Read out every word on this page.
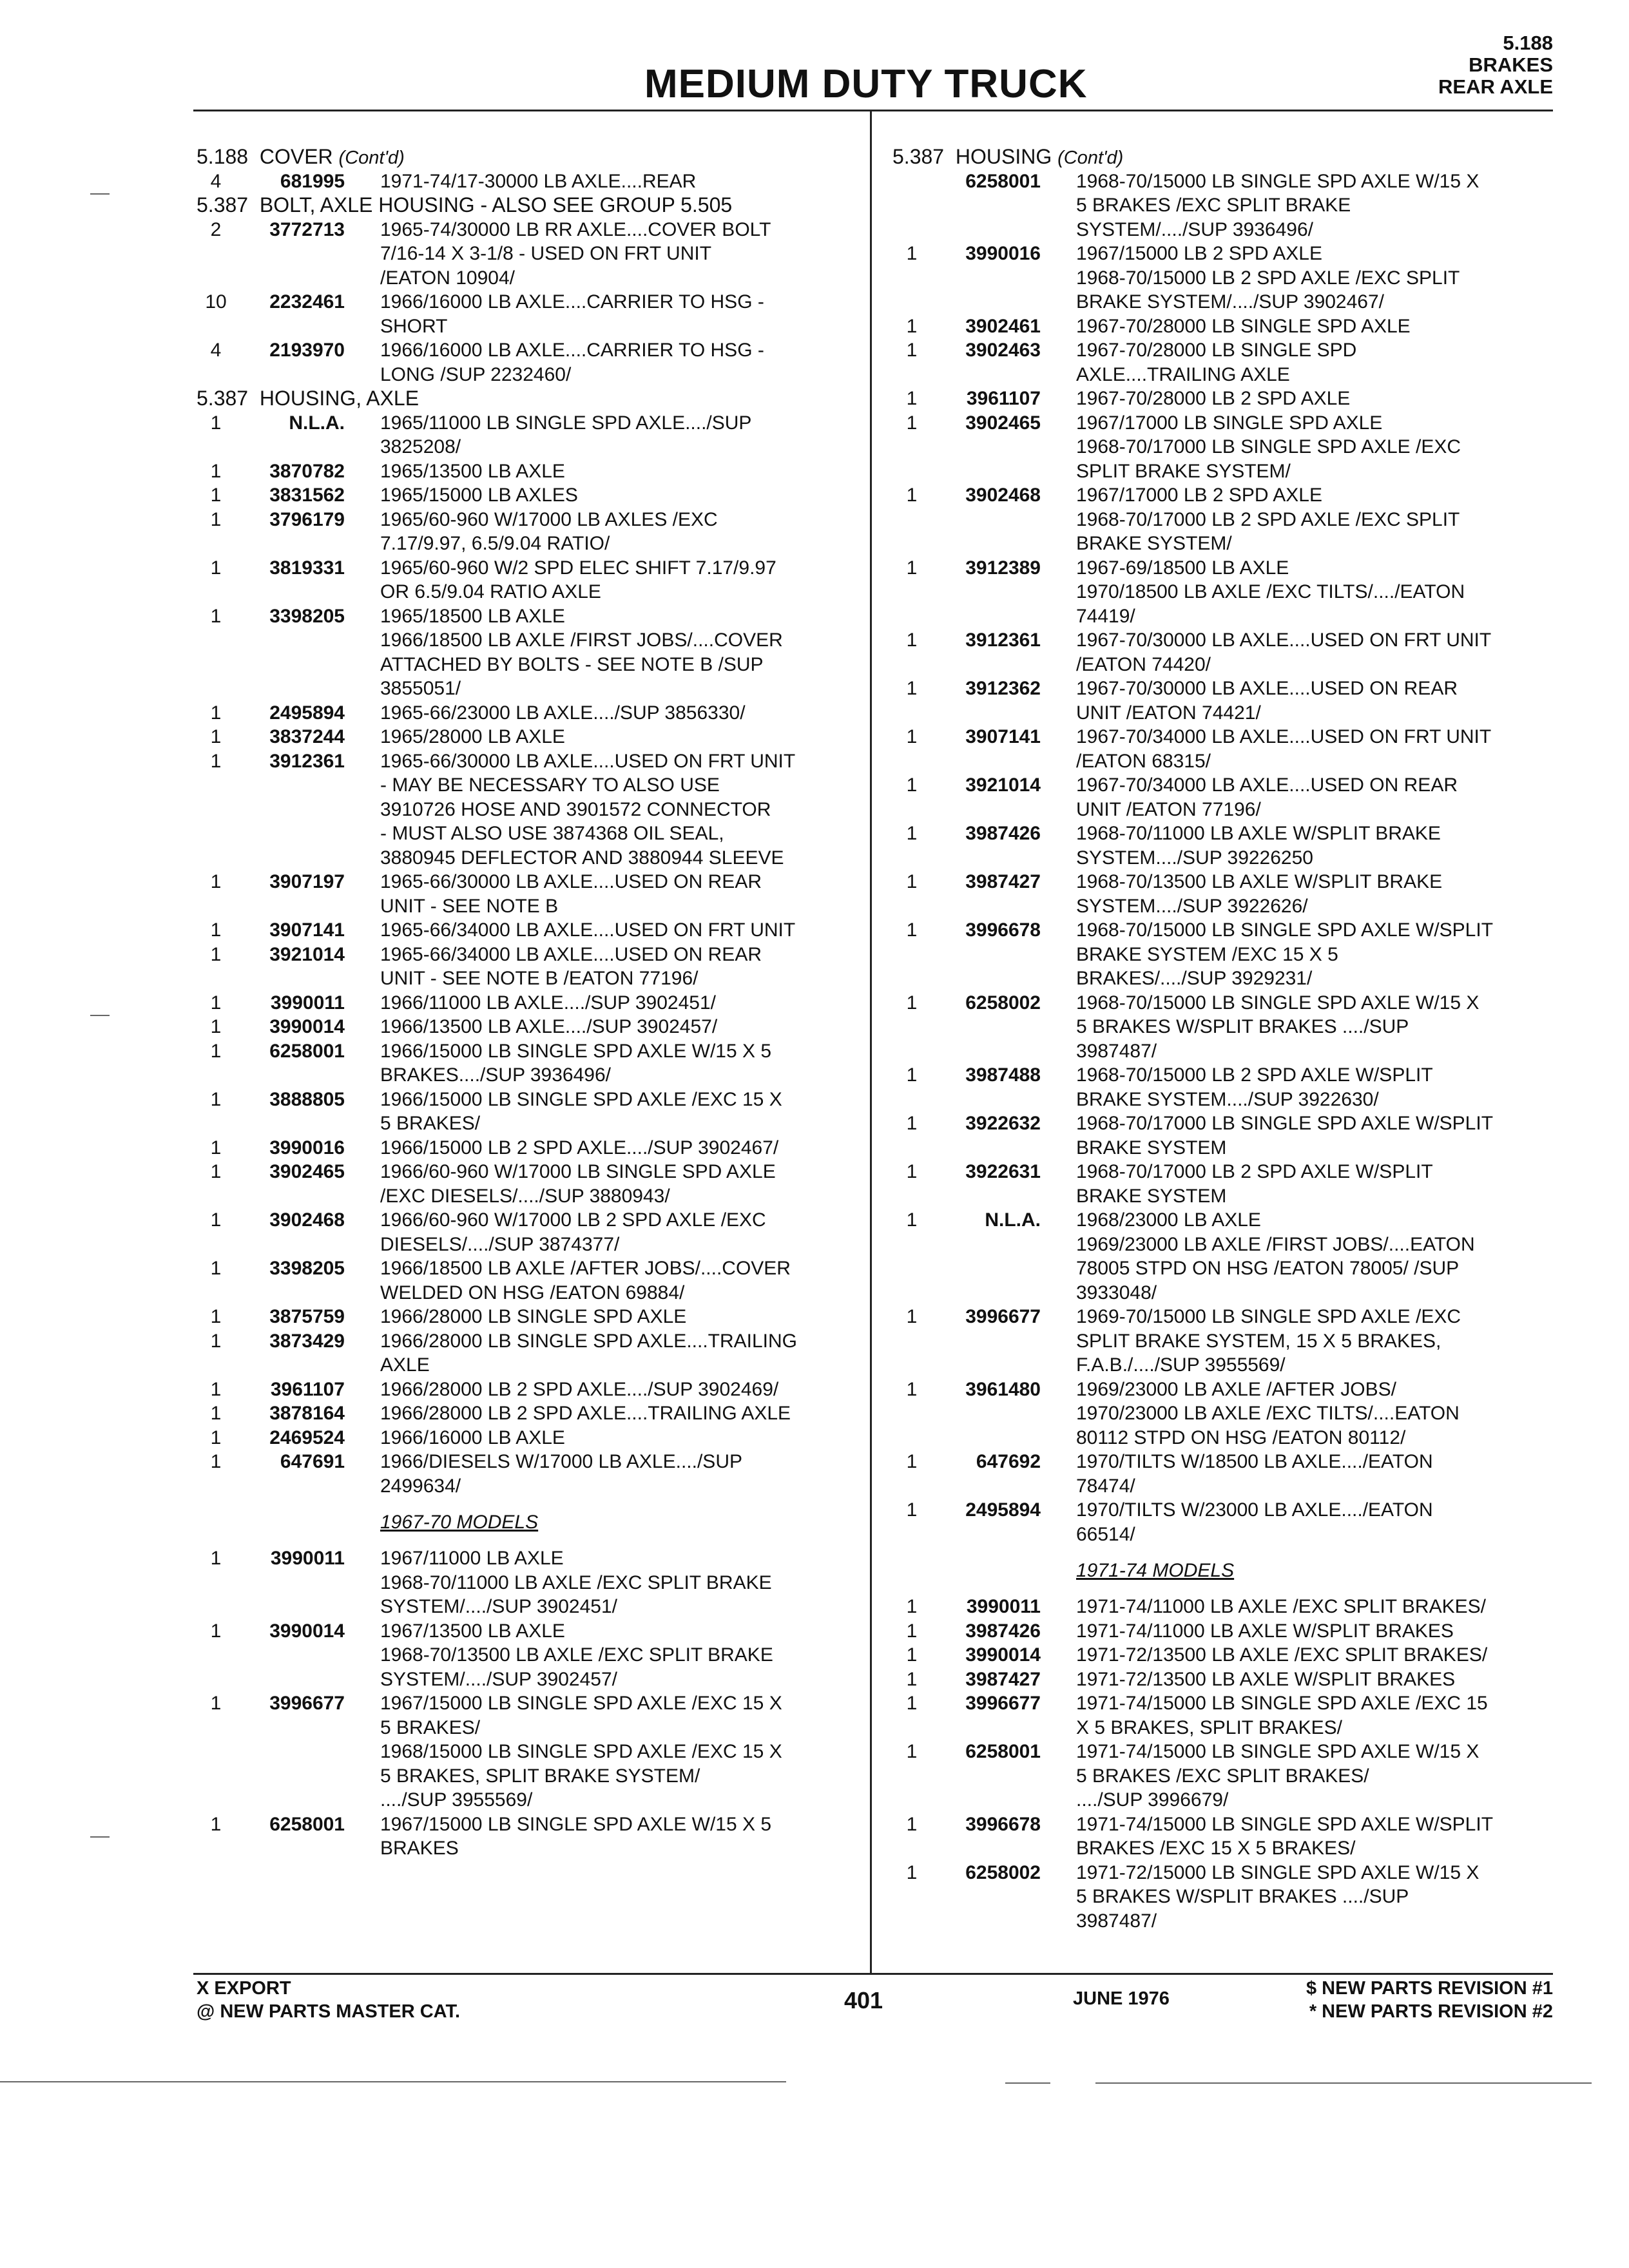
MEDIUM DUTY TRUCK
5.188
BRAKES
REAR AXLE
5.188  COVER (Cont'd)
4	681995 1971-74/17-30000 LB AXLE....REAR
5.387  BOLT, AXLE HOUSING - ALSO SEE GROUP 5.505
2 3772713 1965-74/30000 LB RR AXLE....COVER BOLT
7/16-14 X 3-1/8 - USED ON FRT UNIT
/EATON 10904/
10 2232461 1966/16000 LB AXLE....CARRIER TO HSG -
SHORT
4 2193970 1966/16000 LB AXLE....CARRIER TO HSG -
LONG /SUP 2232460/
5.387  HOUSING, AXLE
1	N.L.A. 1965/11000 LB SINGLE SPD AXLE..../SUP
3825208/
1 3870782 1965/13500 LB AXLE
1 3831562 1965/15000 LB AXLES
1 3796179 1965/60-960 W/17000 LB AXLES /EXC
7.17/9.97, 6.5/9.04 RATIO/
1 3819331 1965/60-960 W/2 SPD ELEC SHIFT 7.17/9.97
OR 6.5/9.04 RATIO AXLE
1 3398205 1965/18500 LB AXLE
1966/18500 LB AXLE /FIRST JOBS/....COVER
ATTACHED BY BOLTS - SEE NOTE B /SUP
3855051/
1 2495894 1965-66/23000 LB AXLE..../SUP 3856330/
1 3837244 1965/28000 LB AXLE
1 3912361 1965-66/30000 LB AXLE....USED ON FRT UNIT
- MAY BE NECESSARY TO ALSO USE
3910726 HOSE AND 3901572 CONNECTOR
- MUST ALSO USE 3874368 OIL SEAL,
3880945 DEFLECTOR AND 3880944 SLEEVE
1 3907197 1965-66/30000 LB AXLE....USED ON REAR
UNIT - SEE NOTE B
1 3907141 1965-66/34000 LB AXLE....USED ON FRT UNIT
1 3921014 1965-66/34000 LB AXLE....USED ON REAR
UNIT - SEE NOTE B /EATON 77196/
1	3990011 1966/11000 LB AXLE..../SUP 3902451/
1 3990014 1966/13500 LB AXLE..../SUP 3902457/
1 6258001 1966/15000 LB SINGLE SPD AXLE W/15 X 5
BRAKES..../SUP 3936496/
1 3888805 1966/15000 LB SINGLE SPD AXLE /EXC 15 X
5 BRAKES/
1 3990016 1966/15000 LB 2 SPD AXLE..../SUP 3902467/
1 3902465 1966/60-960 W/17000 LB SINGLE SPD AXLE
/EXC DIESELS/..../SUP 3880943/
1 3902468 1966/60-960 W/17000 LB 2 SPD AXLE /EXC
DIESELS/..../SUP 3874377/
1 3398205 1966/18500 LB AXLE /AFTER JOBS/....COVER
WELDED ON HSG /EATON 69884/
1 3875759 1966/28000 LB SINGLE SPD AXLE
1 3873429 1966/28000 LB SINGLE SPD AXLE....TRAILING
AXLE
1	3961107 1966/28000 LB 2 SPD AXLE..../SUP 3902469/
1 3878164 1966/28000 LB 2 SPD AXLE....TRAILING AXLE
1 2469524 1966/16000 LB AXLE
1	647691 1966/DIESELS W/17000 LB AXLE..../SUP
2499634/
1967-70 MODELS
1	3990011 1967/11000 LB AXLE
1968-70/11000 LB AXLE /EXC SPLIT BRAKE
SYSTEM/..../SUP 3902451/
1 3990014 1967/13500 LB AXLE
1968-70/13500 LB AXLE /EXC SPLIT BRAKE
SYSTEM/..../SUP 3902457/
1 3996677 1967/15000 LB SINGLE SPD AXLE /EXC 15 X
5 BRAKES/
1968/15000 LB SINGLE SPD AXLE /EXC 15 X
5 BRAKES, SPLIT BRAKE SYSTEM/
..../SUP 3955569/
1 6258001 1967/15000 LB SINGLE SPD AXLE W/15 X 5
BRAKES
5.387  HOUSING (Cont'd)
6258001 1968-70/15000 LB SINGLE SPD AXLE W/15 X
5 BRAKES /EXC SPLIT BRAKE
SYSTEM/..../SUP 3936496/
1 3990016 1967/15000 LB 2 SPD AXLE
1968-70/15000 LB 2 SPD AXLE /EXC SPLIT
BRAKE SYSTEM/..../SUP 3902467/
1 3902461 1967-70/28000 LB SINGLE SPD AXLE
1 3902463 1967-70/28000 LB SINGLE SPD
AXLE....TRAILING AXLE
1	3961107 1967-70/28000 LB 2 SPD AXLE
1 3902465 1967/17000 LB SINGLE SPD AXLE
1968-70/17000 LB SINGLE SPD AXLE /EXC
SPLIT BRAKE SYSTEM/
1 3902468 1967/17000 LB 2 SPD AXLE
1968-70/17000 LB 2 SPD AXLE /EXC SPLIT
BRAKE SYSTEM/
1 3912389 1967-69/18500 LB AXLE
1970/18500 LB AXLE /EXC TILTS/..../EATON
74419/
1 3912361 1967-70/30000 LB AXLE....USED ON FRT UNIT
/EATON 74420/
1 3912362 1967-70/30000 LB AXLE....USED ON REAR
UNIT /EATON 74421/
1 3907141 1967-70/34000 LB AXLE....USED ON FRT UNIT
/EATON 68315/
1 3921014 1967-70/34000 LB AXLE....USED ON REAR
UNIT /EATON 77196/
1 3987426 1968-70/11000 LB AXLE W/SPLIT BRAKE
SYSTEM..../SUP 39226250
1 3987427 1968-70/13500 LB AXLE W/SPLIT BRAKE
SYSTEM..../SUP 3922626/
1 3996678 1968-70/15000 LB SINGLE SPD AXLE W/SPLIT
BRAKE SYSTEM /EXC 15 X 5
BRAKES/..../SUP 3929231/
1 6258002 1968-70/15000 LB SINGLE SPD AXLE W/15 X
5 BRAKES W/SPLIT BRAKES ..../SUP
3987487/
1 3987488 1968-70/15000 LB 2 SPD AXLE W/SPLIT
BRAKE SYSTEM..../SUP 3922630/
1 3922632 1968-70/17000 LB SINGLE SPD AXLE W/SPLIT
BRAKE SYSTEM
1 3922631 1968-70/17000 LB 2 SPD AXLE W/SPLIT
BRAKE SYSTEM
1	N.L.A. 1968/23000 LB AXLE
1969/23000 LB AXLE /FIRST JOBS/....EATON
78005 STPD ON HSG /EATON 78005/ /SUP
3933048/
1 3996677 1969-70/15000 LB SINGLE SPD AXLE /EXC
SPLIT BRAKE SYSTEM, 15 X 5 BRAKES,
F.A.B./..../SUP 3955569/
1 3961480 1969/23000 LB AXLE /AFTER JOBS/
1970/23000 LB AXLE /EXC TILTS/....EATON
80112 STPD ON HSG /EATON 80112/
1	647692 1970/TILTS W/18500 LB AXLE..../EATON
78474/
1 2495894 1970/TILTS W/23000 LB AXLE..../EATON
66514/
1971-74 MODELS
1	3990011 1971-74/11000 LB AXLE /EXC SPLIT BRAKES/
1 3987426 1971-74/11000 LB AXLE W/SPLIT BRAKES
1 3990014 1971-72/13500 LB AXLE /EXC SPLIT BRAKES/
1 3987427 1971-72/13500 LB AXLE W/SPLIT BRAKES
1 3996677 1971-74/15000 LB SINGLE SPD AXLE /EXC 15
X 5 BRAKES, SPLIT BRAKES/
1 6258001 1971-74/15000 LB SINGLE SPD AXLE W/15 X
5 BRAKES /EXC SPLIT BRAKES/
..../SUP 3996679/
1 3996678 1971-74/15000 LB SINGLE SPD AXLE W/SPLIT
BRAKES /EXC 15 X 5 BRAKES/
1 6258002 1971-72/15000 LB SINGLE SPD AXLE W/15 X
5 BRAKES W/SPLIT BRAKES ..../SUP
3987487/
X EXPORT
@ NEW PARTS MASTER CAT.	401	JUNE 1976	$ NEW PARTS REVISION #1
* NEW PARTS REVISION #2
